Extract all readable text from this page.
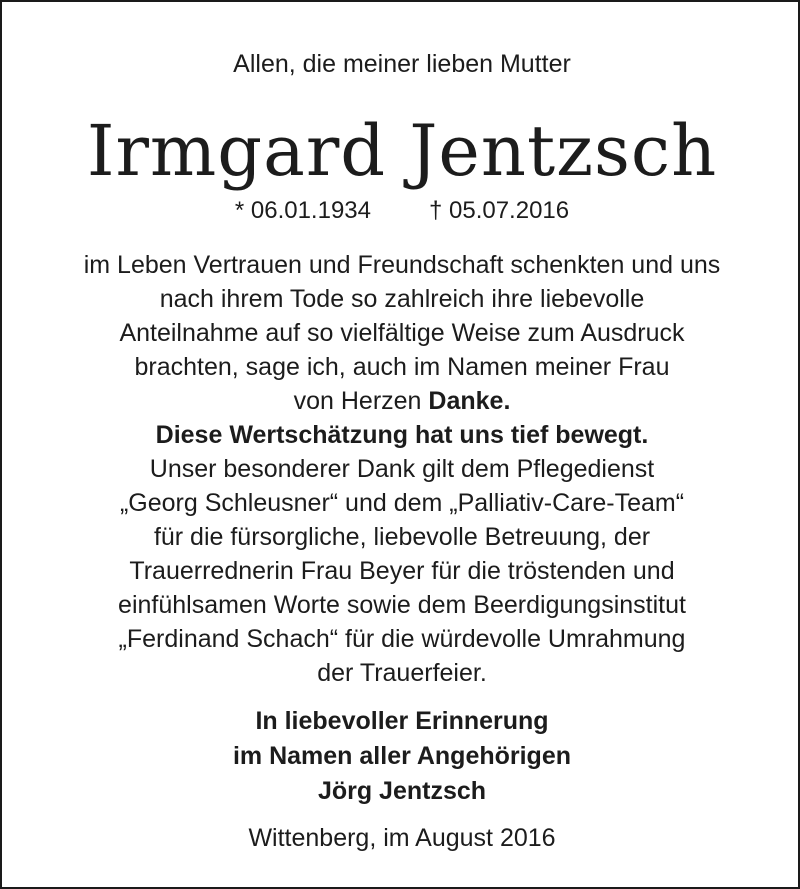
Allen, die meiner lieben Mutter
Irmgard Jentzsch
* 06.01.1934 † 05.07.2016
im Leben Vertrauen und Freundschaft schenkten und uns
nach ihrem Tode so zahlreich ihre liebevolle
Anteilnahme auf so vielfältige Weise zum Ausdruck
brachten, sage ich, auch im Namen meiner Frau
von Herzen Danke.
Diese Wertschätzung hat uns tief bewegt.
Unser besonderer Dank gilt dem Pflegedienst
„Georg Schleusner“ und dem „Palliativ-Care-Team“
für die fürsorgliche, liebevolle Betreuung, der
Trauerrednerin Frau Beyer für die tröstenden und
einfühlsamen Worte sowie dem Beerdigungsinstitut
„Ferdinand Schach“ für die würdevolle Umrahmung
der Trauerfeier.
In liebevoller Erinnerung
im Namen aller Angehörigen
Jörg Jentzsch
Wittenberg, im August 2016
